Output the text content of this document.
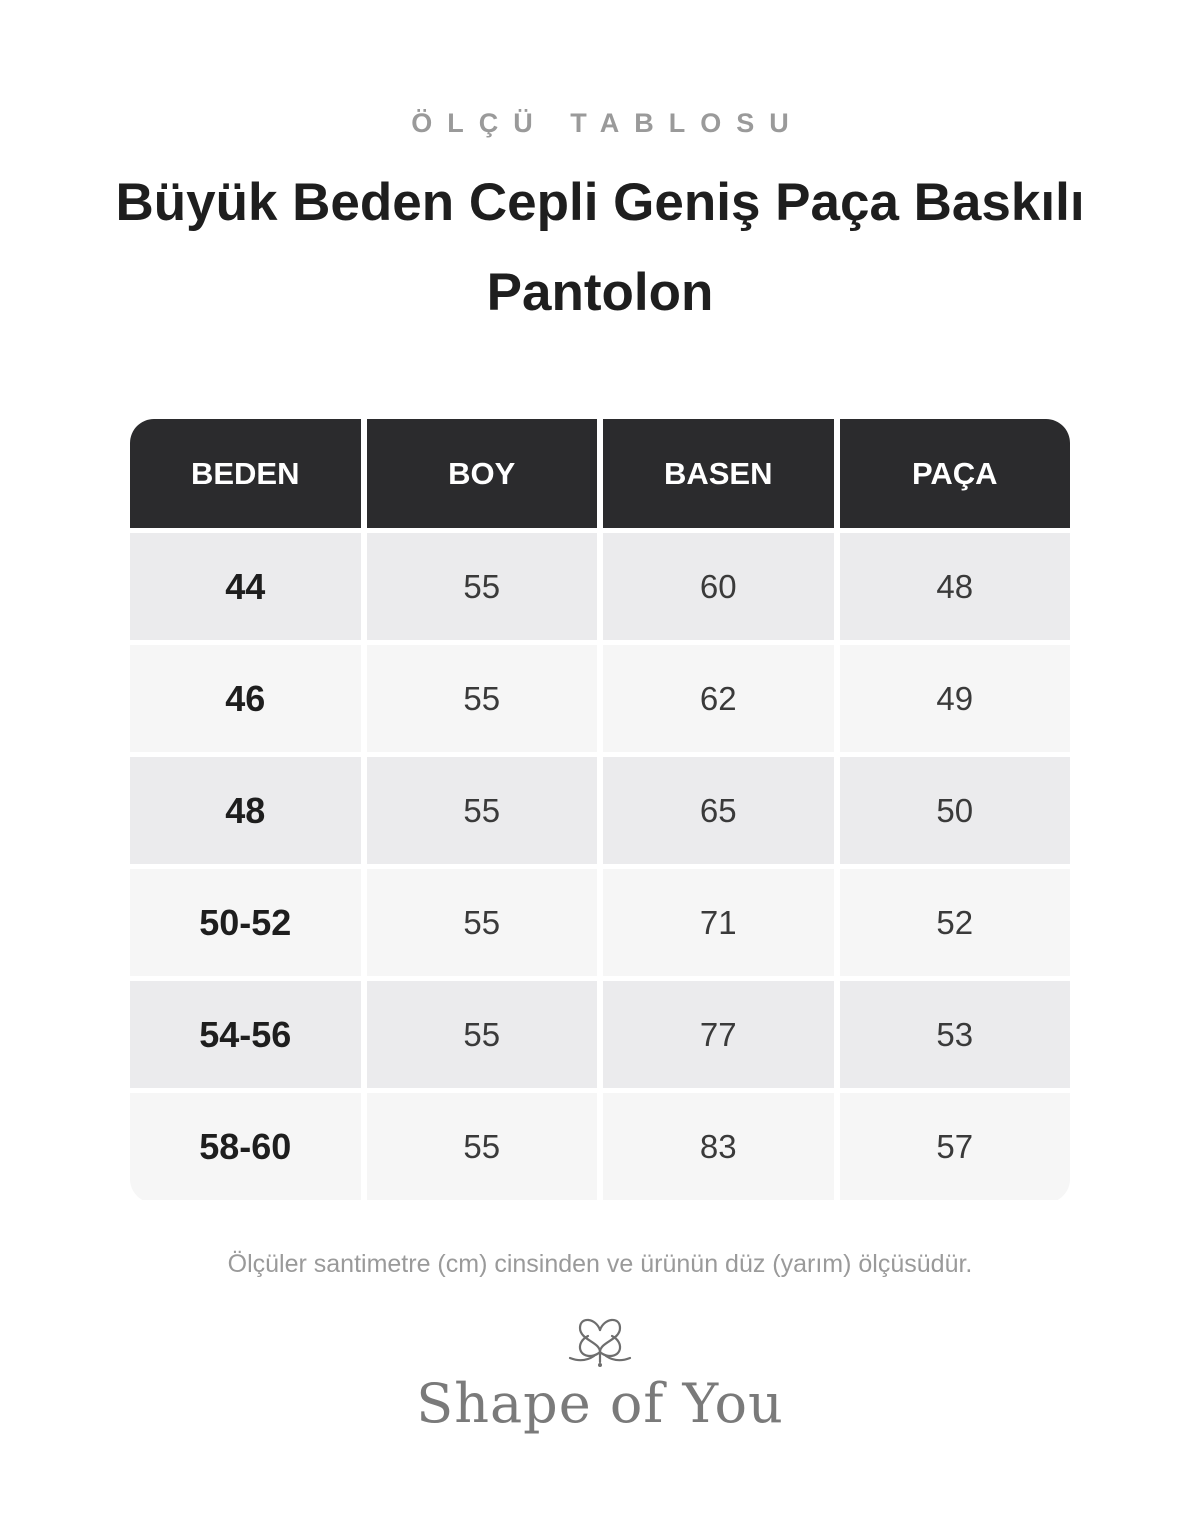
ÖLÇÜ TABLOSU
Büyük Beden Cepli Geniş Paça Baskılı Pantolon
BEDEN	BOY	BASEN	PAÇA
44	55	60	48
46	55	62	49
48	55	65	50
50-52	55	71	52
54-56	55	77	53
58-60	55	83	57
Ölçüler santimetre (cm) cinsinden ve ürünün düz (yarım) ölçüsüdür.
Shape of You
